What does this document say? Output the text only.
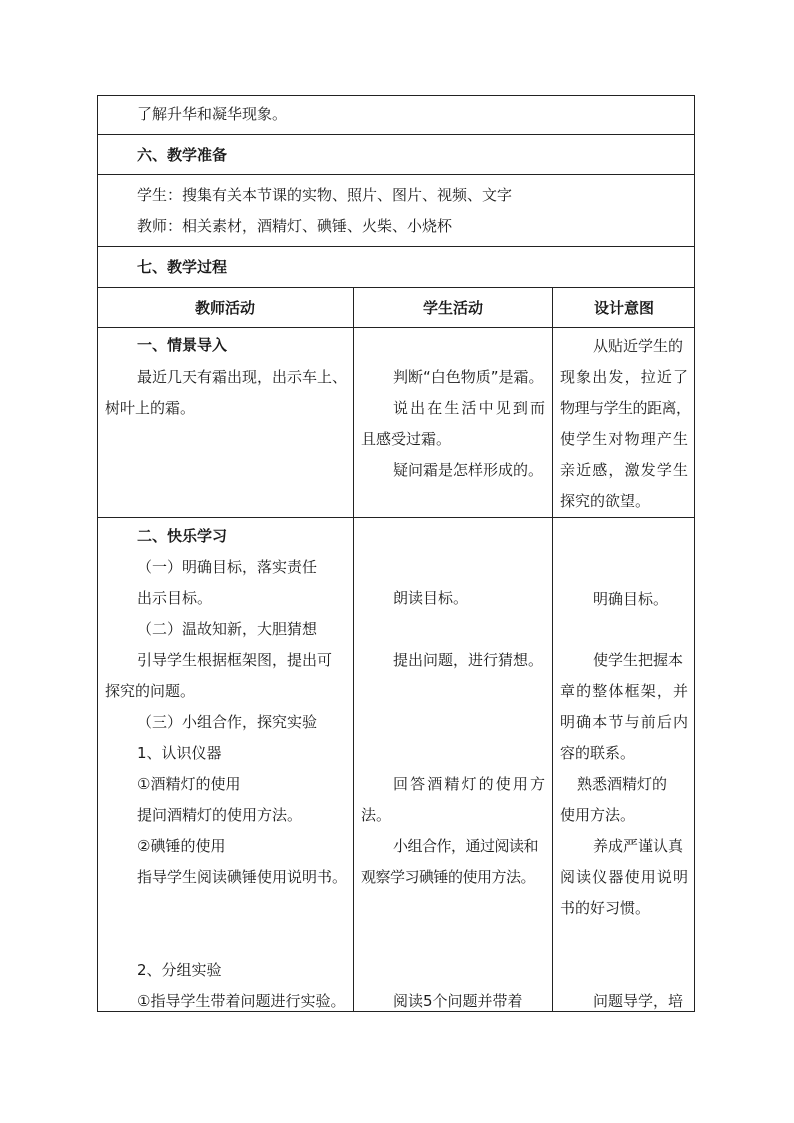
了解升华和凝华现象。
六、教学准备
学生：搜集有关本节课的实物、照片、图片、视频、文字
教师：相关素材，酒精灯、碘锤、火柴、小烧杯
七、教学过程
教师活动	学生活动	设计意图
一、情景导入
最近几天有霜出现，出示车上、
树叶上的霜。
判断“白色物质”是霜。
说出在生活中见到而
且感受过霜。
疑问霜是怎样形成的。
从贴近学生的
现象出发，拉近了
物理与学生的距离，
使学生对物理产生
亲近感，激发学生
探究的欲望。
二、快乐学习
（一）明确目标，落实责任
出示目标。
（二）温故知新，大胆猜想
引导学生根据框架图，提出可
探究的问题。
（三）小组合作，探究实验
1、认识仪器
①酒精灯的使用
提问酒精灯的使用方法。
②碘锤的使用
指导学生阅读碘锤使用说明书。
2、分组实验
①指导学生带着问题进行实验。
朗读目标。
提出问题，进行猜想。
回答酒精灯的使用方
法。
小组合作，通过阅读和
观察学习碘锤的使用方法。
阅读5个问题并带着
明确目标。
使学生把握本
章的整体框架，并
明确本节与前后内
容的联系。
熟悉酒精灯的
使用方法。
养成严谨认真
阅读仪器使用说明
书的好习惯。
问题导学，培
